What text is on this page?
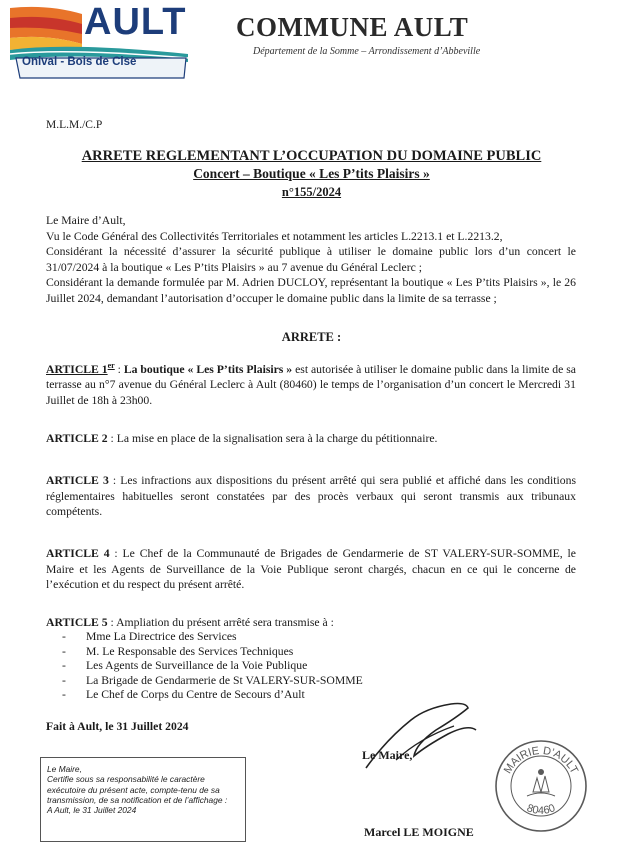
AULT
Onival - Bois de Cise
COMMUNE AULT
Département de la Somme – Arrondissement d’Abbeville
M.L.M./C.P
ARRETE REGLEMENTANT L’OCCUPATION DU DOMAINE PUBLIC
Concert – Boutique « Les P’tits Plaisirs »
n°155/2024
Le Maire d’Ault,
Vu le Code Général des Collectivités Territoriales et notamment les articles L.2213.1 et L.2213.2,
Considérant la nécessité d’assurer la sécurité publique à utiliser le domaine public lors d’un concert le 31/07/2024 à la boutique « Les P’tits Plaisirs » au 7 avenue du Général Leclerc ;
Considérant la demande formulée par M. Adrien DUCLOY, représentant la boutique « Les P’tits Plaisirs », le 26 Juillet 2024, demandant l’autorisation d’occuper le domaine public dans la limite de sa terrasse ;
ARRETE :
ARTICLE 1er : La boutique « Les P’tits Plaisirs » est autorisée à utiliser le domaine public dans la limite de sa terrasse au n°7 avenue du Général Leclerc à Ault (80460) le temps de l’organisation d’un concert le Mercredi 31 Juillet de 18h à 23h00.
ARTICLE 2 : La mise en place de la signalisation sera à la charge du pétitionnaire.
ARTICLE 3 : Les infractions aux dispositions du présent arrêté qui sera publié et affiché dans les conditions réglementaires habituelles seront constatées par des procès verbaux qui seront transmis aux tribunaux compétents.
ARTICLE 4 : Le Chef de la Communauté de Brigades de Gendarmerie de ST VALERY-SUR-SOMME, le Maire et les Agents de Surveillance de la Voie Publique seront chargés, chacun en ce qui le concerne de l’exécution et du respect du présent arrêté.
ARTICLE 5 : Ampliation du présent arrêté sera transmise à :
- Mme La Directrice des Services
- M. Le Responsable des Services Techniques
- Les Agents de Surveillance de la Voie Publique
- La Brigade de Gendarmerie de St VALERY-SUR-SOMME
- Le Chef de Corps du Centre de Secours d’Ault
Fait à Ault, le 31 Juillet 2024
Le Maire,
Certifie sous sa responsabilité le caractère exécutoire du présent acte, compte-tenu de sa transmission, de sa notification et de l’affichage :
A Ault, le 31 Juillet 2024
Le Maire,
Marcel LE MOIGNE
MAIRIE D’AULT
80460
